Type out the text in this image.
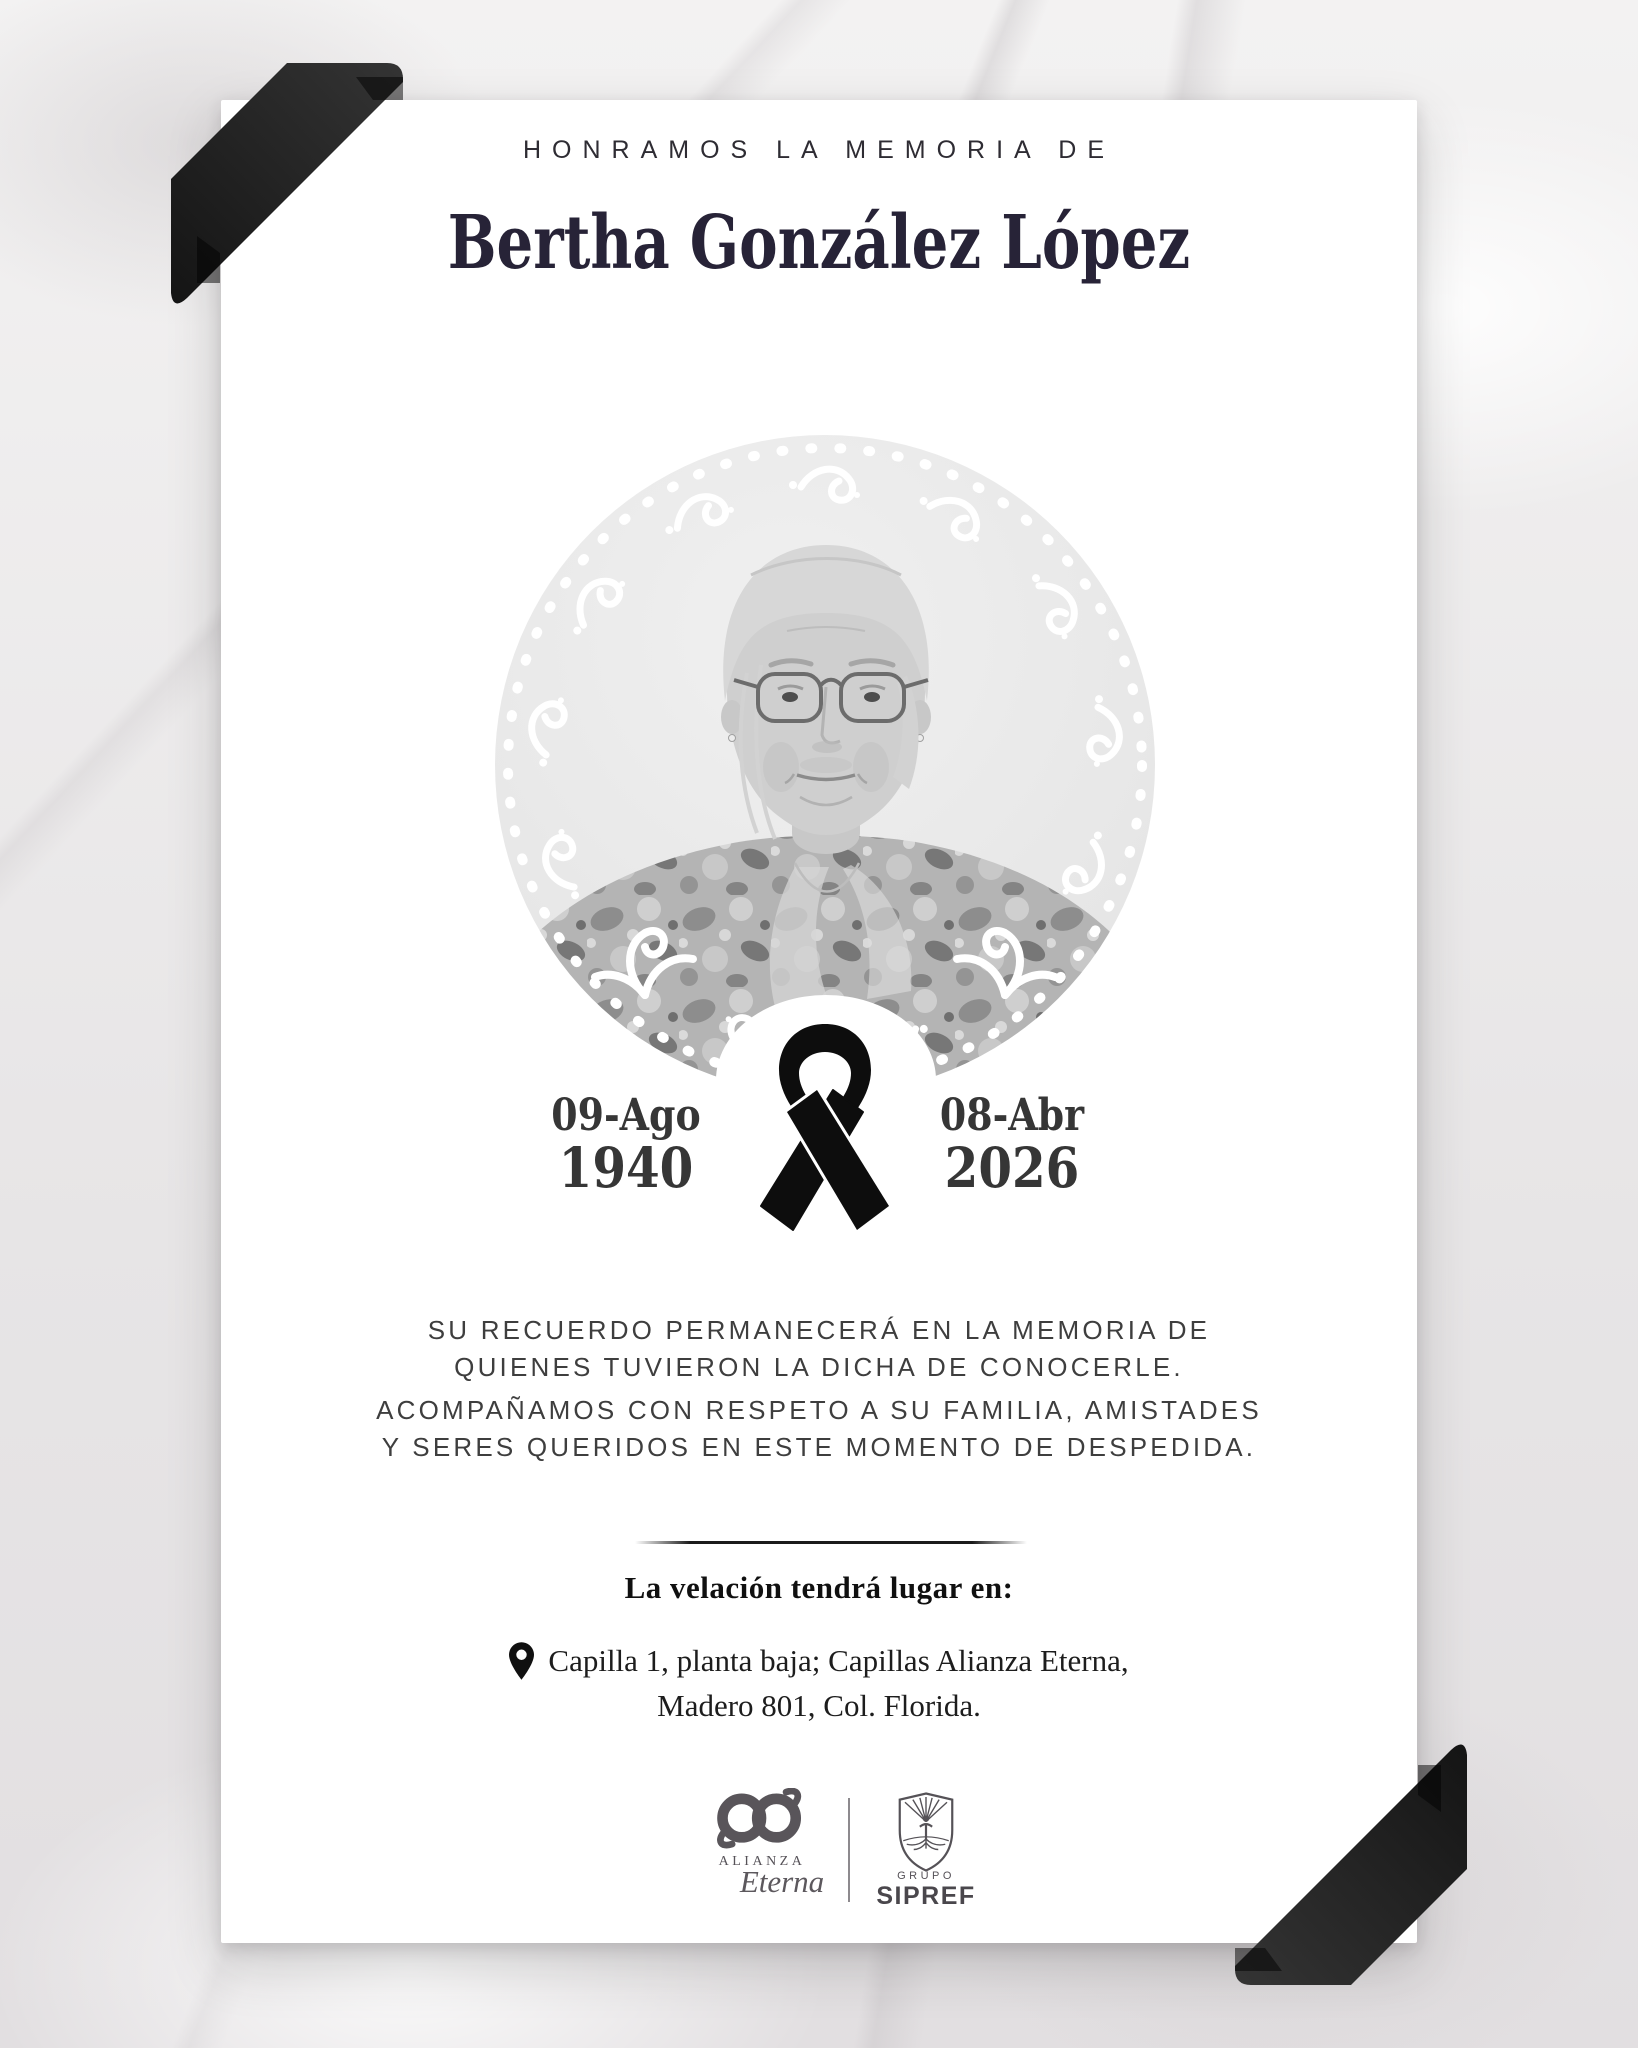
HONRAMOS LA MEMORIA DE
Bertha González López
09-Ago
1940
08-Abr
2026
SU RECUERDO PERMANECERÁ EN LA MEMORIA DE
QUIENES TUVIERON LA DICHA DE CONOCERLE.
ACOMPAÑAMOS CON RESPETO A SU FAMILIA, AMISTADES
Y SERES QUERIDOS EN ESTE MOMENTO DE DESPEDIDA.
La velación tendrá lugar en:
Capilla 1, planta baja; Capillas Alianza Eterna,
Madero 801, Col. Florida.
ALIANZA
Eterna	GRUPO
SIPREF
